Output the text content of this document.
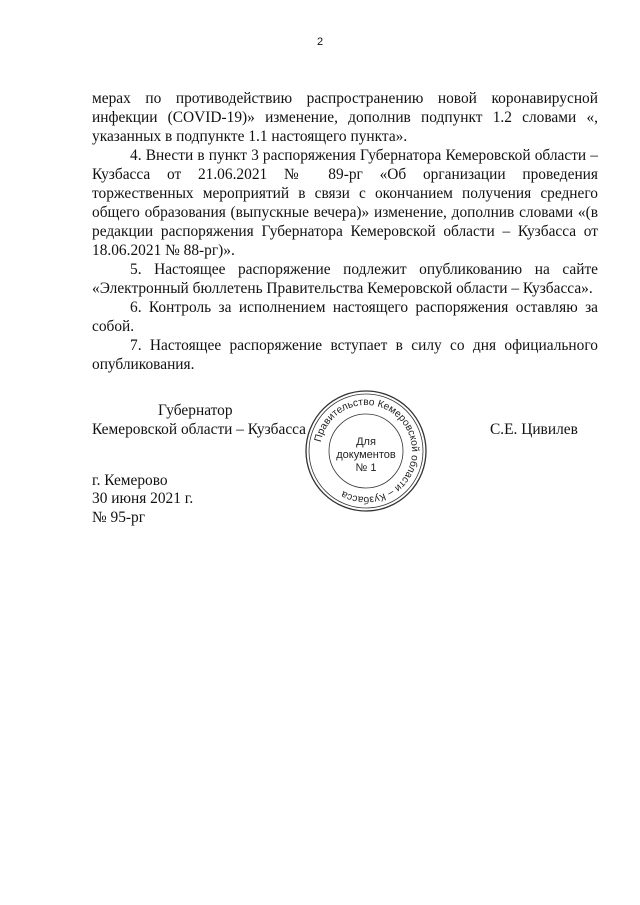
2

мерах по противодействию распространению новой коронавирусной инфекции (COVID-19)» изменение, дополнив подпункт 1.2 словами «, указанных в подпункте 1.1 настоящего пункта».

4. Внести в пункт 3 распоряжения Губернатора Кемеровской области – Кузбасса от 21.06.2021 № 89-рг «Об организации проведения торжественных мероприятий в связи с окончанием получения среднего общего образования (выпускные вечера)» изменение, дополнив словами «(в редакции распоряжения Губернатора Кемеровской области – Кузбасса от 18.06.2021 № 88-рг)».

5. Настоящее распоряжение подлежит опубликованию на сайте «Электронный бюллетень Правительства Кемеровской области – Кузбасса».

6. Контроль за исполнением настоящего распоряжения оставляю за собой.

7. Настоящее распоряжение вступает в силу со дня официального опубликования.

Губернатор
Кемеровской области – Кузбасса	С.Е. Цивилев
Правительство Кемеровской области – Кузбасса
Для
документов
№ 1
г. Кемерово
30 июня 2021 г.
№ 95-рг
